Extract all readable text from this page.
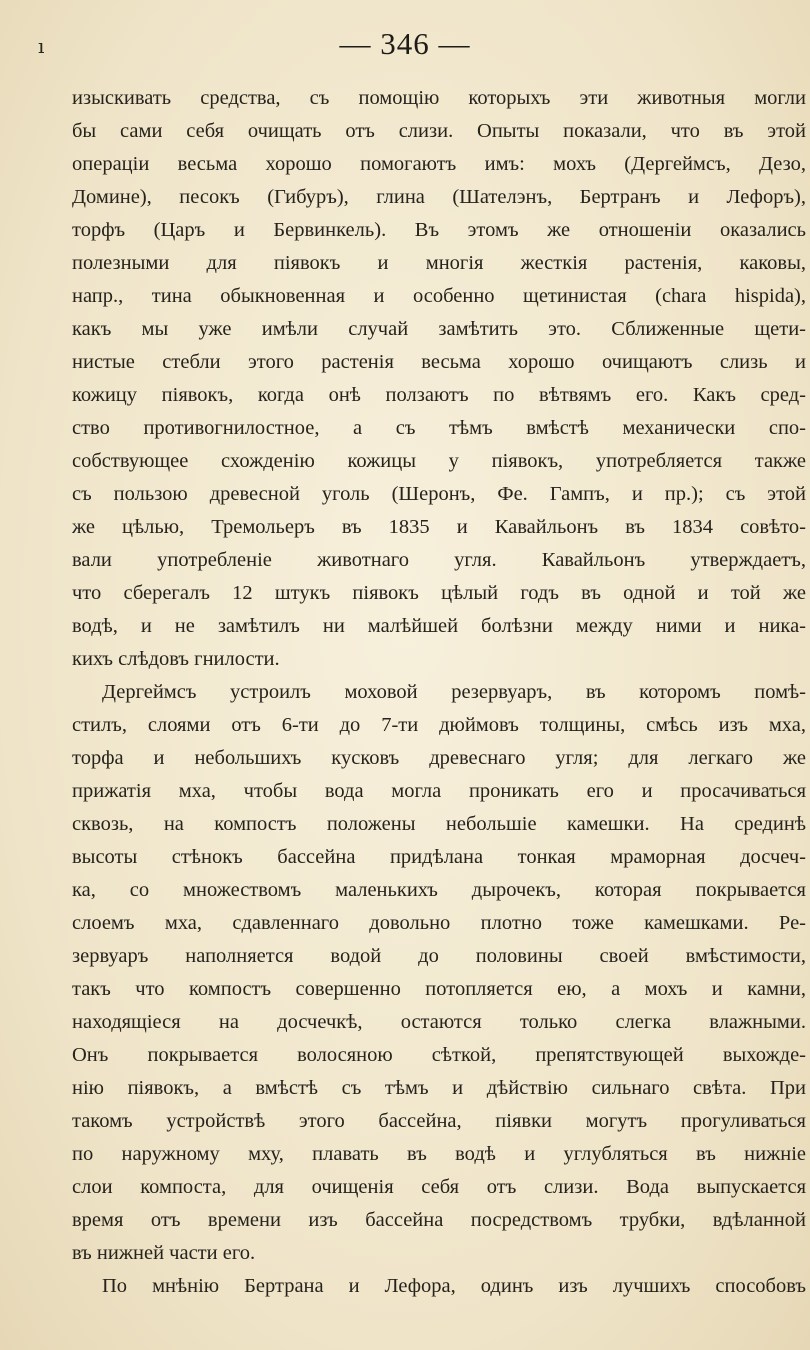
ı	— 346 —
изыскивать средства, съ помощію которыхъ эти животныя могли
бы сами себя очищать отъ слизи. Опыты показали, что въ этой
операціи весьма хорошо помогаютъ имъ: мохъ (Дергеймсъ, Дезо,
Домине), песокъ (Гибуръ), глина (Шателэнъ, Бертранъ и Лефоръ),
торфъ (Царъ и Бервинкель). Въ этомъ же отношеніи оказались
полезными для піявокъ и многія жесткія растенія, каковы,
напр., тина обыкновенная и особенно щетинистая (chara hispida),
какъ мы уже имѣли случай замѣтить это. Сближенные щети-
нистые стебли этого растенія весьма хорошо очищаютъ слизь и
кожицу піявокъ, когда онѣ ползаютъ по вѣтвямъ его. Какъ сред-
ство противогнилостное, а съ тѣмъ вмѣстѣ механически спо-
собствующее схожденію кожицы у піявокъ, употребляется также
съ пользою древесной уголь (Шеронъ, Фе. Гампъ, и пр.); съ этой
же цѣлью, Тремольеръ въ 1835 и Кавайльонъ въ 1834 совѣто-
вали употребленіе животнаго угля. Кавайльонъ утверждаетъ,
что сберегалъ 12 штукъ піявокъ цѣлый годъ въ одной и той же
водѣ, и не замѣтилъ ни малѣйшей болѣзни между ними и ника-
кихъ слѣдовъ гнилости.
Дергеймсъ устроилъ моховой резервуаръ, въ которомъ помѣ-
стилъ, слоями отъ 6-ти до 7-ти дюймовъ толщины, смѣсь изъ мха,
торфа и небольшихъ кусковъ древеснаго угля; для легкаго же
прижатія мха, чтобы вода могла проникать его и просачиваться
сквозь, на компостъ положены небольшіе камешки. На срединѣ
высоты стѣнокъ бассейна придѣлана тонкая мраморная досчеч-
ка, со множествомъ маленькихъ дырочекъ, которая покрывается
слоемъ мха, сдавленнаго довольно плотно тоже камешками. Ре-
зервуаръ наполняется водой до половины своей вмѣстимости,
такъ что компостъ совершенно потопляется ею, а мохъ и камни,
находящіеся на досчечкѣ, остаются только слегка влажными.
Онъ покрывается волосяною сѣткой, препятствующей выхожде-
нію піявокъ, а вмѣстѣ съ тѣмъ и дѣйствію сильнаго свѣта. При
такомъ устройствѣ этого бассейна, піявки могутъ прогуливаться
по наружному мху, плавать въ водѣ и углубляться въ нижніе
слои компоста, для очищенія себя отъ слизи. Вода выпускается
время отъ времени изъ бассейна посредствомъ трубки, вдѣланной
въ нижней части его.
По мнѣнію Бертрана и Лефора, одинъ изъ лучшихъ способовъ
